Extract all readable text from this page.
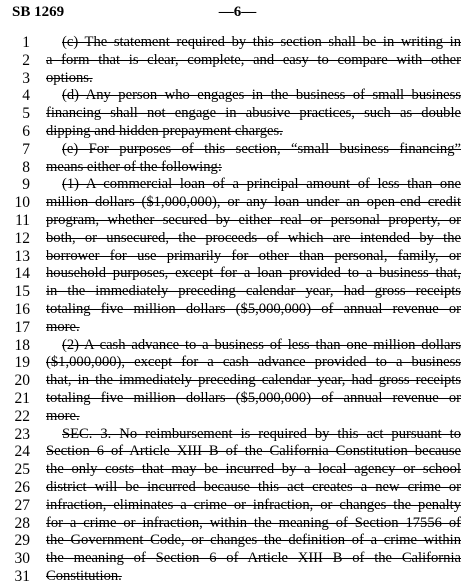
SB 1269	—6—
1	(c) The statement required by this section shall be in writing in
2 a form that is clear, complete, and easy to compare with other
3 options.
4	(d) Any person who engages in the business of small business
5 financing shall not engage in abusive practices, such as double
6 dipping and hidden prepayment charges.
7	(e) For purposes of this section, “small business financing”
8 means either of the following:
9	(1) A commercial loan of a principal amount of less than one
10 million dollars ($1,000,000), or any loan under an open-end credit
11 program, whether secured by either real or personal property, or
12 both, or unsecured, the proceeds of which are intended by the
13 borrower for use primarily for other than personal, family, or
14 household purposes, except for a loan provided to a business that,
15 in the immediately preceding calendar year, had gross receipts
16 totaling five million dollars ($5,000,000) of annual revenue or
17 more.
18	(2) A cash advance to a business of less than one million dollars
19 ($1,000,000), except for a cash advance provided to a business
20 that, in the immediately preceding calendar year, had gross receipts
21 totaling five million dollars ($5,000,000) of annual revenue or
22 more.
23	SEC. 3. No reimbursement is required by this act pursuant to
24 Section 6 of Article XIII B of the California Constitution because
25 the only costs that may be incurred by a local agency or school
26 district will be incurred because this act creates a new crime or
27 infraction, eliminates a crime or infraction, or changes the penalty
28 for a crime or infraction, within the meaning of Section 17556 of
29 the Government Code, or changes the definition of a crime within
30 the meaning of Section 6 of Article XIII B of the California
31 Constitution.
